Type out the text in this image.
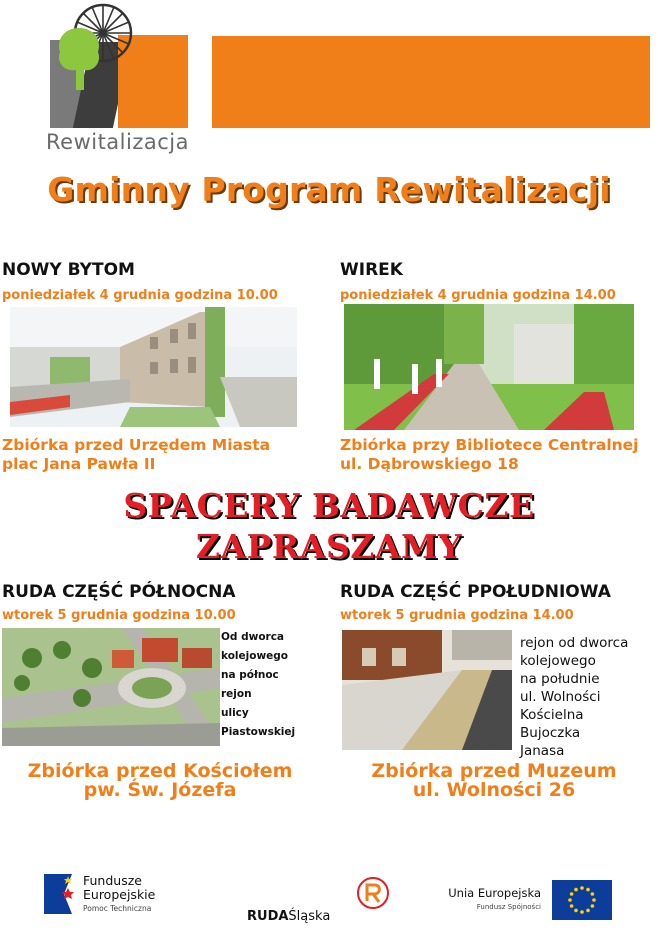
Rewitalizacja
Gminny Program Rewitalizacji
NOWY BYTOM
poniedziałek 4 grudnia godzina 10.00
Zbiórka przed Urzędem Miasta
plac Jana Pawła II
WIREK
poniedziałek 4 grudnia godzina 14.00
Zbiórka przy Bibliotece Centralnej
ul. Dąbrowskiego 18
SPACERY BADAWCZE
ZAPRASZAMY
RUDA CZĘŚĆ PÓŁNOCNA
wtorek 5 grudnia godzina 10.00
Od dworca
kolejowego
na północ
rejon
ulicy
Piastowskiej
Zbiórka przed Kościołem
pw. Św. Józefa
RUDA CZĘŚĆ PPOŁUDNIOWA
wtorek 5 grudnia godzina 14.00
rejon od dworca
kolejowego
na południe
ul. Wolności
Kościelna
Bujoczka
Janasa
Zbiórka przed Muzeum
ul. Wolności 26
Fundusze
Europejskie
Pomoc Techniczna
RUDAŚląska
Unia Europejska
Fundusz Spójności
